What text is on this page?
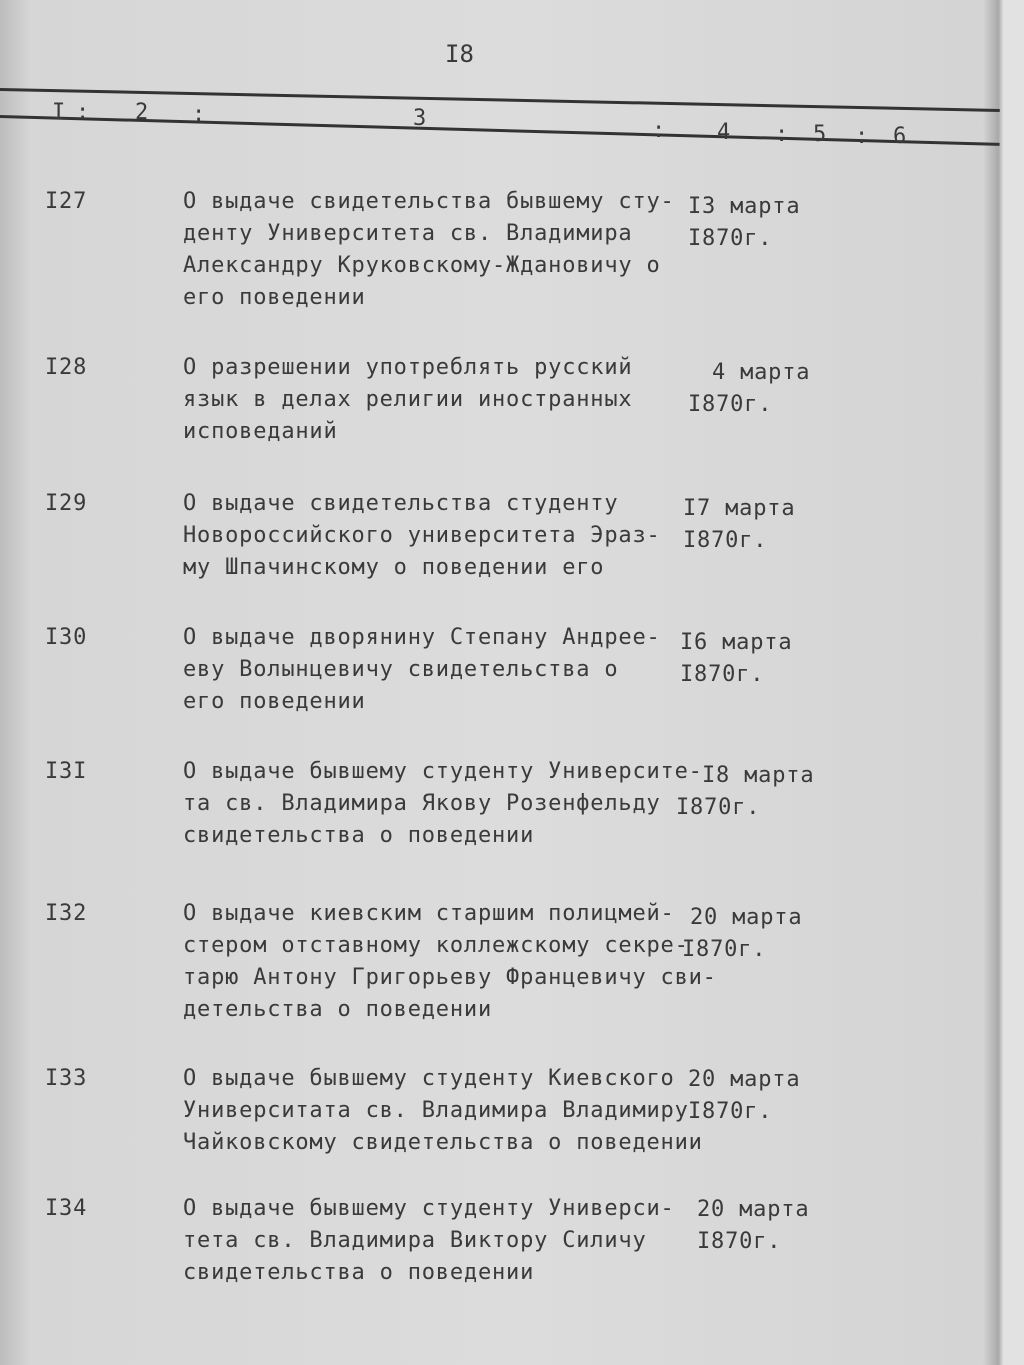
I8
I : 2 :	3	: 4 : 5 : 6
I27	О выдаче свидетельства бывшему сту-
денту Университета св. Владимира
Александру Круковскому-Ждановичу о
его поведении
I3 марта
I870г.
I28	О разрешении употреблять русский
язык в делах религии иностранных
исповеданий
4 марта
I870г.
I29	О выдаче свидетельства студенту
Новороссийского университета Эраз-
му Шпачинскому о поведении его
I7 марта
I870г.
I30	О выдаче дворянину Степану Андрее-
еву Волынцевичу свидетельства о
его поведении
I6 марта
I870г.
I3I	О выдаче бывшему студенту Университе-
та св. Владимира Якову Розенфельду
свидетельства о поведении
I8 марта
I870г.
I32	О выдаче киевским старшим полицмей-
стером отставному коллежскому секре-
тарю Антону Григорьеву Францевичу сви-
детельства о поведении
20 марта
I870г.
I33	О выдаче бывшему студенту Киевского
Университата св. Владимира Владимиру
Чайковскому свидетельства о поведении
20 марта
I870г.
I34	О выдаче бывшему студенту Универси-
тета св. Владимира Виктору Силичу
свидетельства о поведении
20 марта
I870г.
